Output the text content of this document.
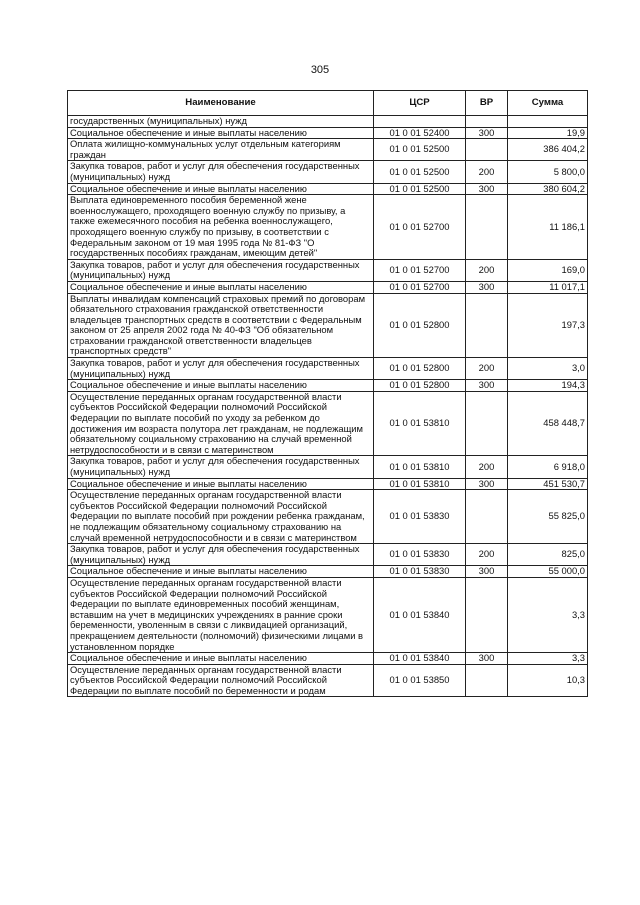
305
Наименование	ЦСР	ВР	Сумма
государственных (муниципальных) нужд			
Социальное обеспечение и иные выплаты населению	01 0 01 52400	300	19,9
Оплата жилищно-коммунальных услуг отдельным категориям граждан	01 0 01 52500		386 404,2
Закупка товаров, работ и услуг для обеспечения государственных (муниципальных) нужд	01 0 01 52500	200	5 800,0
Социальное обеспечение и иные выплаты населению	01 0 01 52500	300	380 604,2
Выплата единовременного пособия беременной жене военнослужащего, проходящего военную службу по призыву, а также ежемесячного пособия на ребенка военнослужащего, проходящего военную службу по призыву, в соответствии с Федеральным законом от 19 мая 1995 года № 81-ФЗ "О государственных пособиях гражданам, имеющим детей"	01 0 01 52700		11 186,1
Закупка товаров, работ и услуг для обеспечения государственных (муниципальных) нужд	01 0 01 52700	200	169,0
Социальное обеспечение и иные выплаты населению	01 0 01 52700	300	11 017,1
Выплаты инвалидам компенсаций страховых премий по договорам обязательного страхования гражданской ответственности владельцев транспортных средств в соответствии с Федеральным законом от 25 апреля 2002 года № 40-ФЗ "Об обязательном страховании гражданской ответственности владельцев транспортных средств"	01 0 01 52800		197,3
Закупка товаров, работ и услуг для обеспечения государственных (муниципальных) нужд	01 0 01 52800	200	3,0
Социальное обеспечение и иные выплаты населению	01 0 01 52800	300	194,3
Осуществление переданных органам государственной власти субъектов Российской Федерации полномочий Российской Федерации по выплате пособий по уходу за ребенком до достижения им возраста полутора лет гражданам, не подлежащим обязательному социальному страхованию на случай временной нетрудоспособности и в связи с материнством	01 0 01 53810		458 448,7
Закупка товаров, работ и услуг для обеспечения государственных (муниципальных) нужд	01 0 01 53810	200	6 918,0
Социальное обеспечение и иные выплаты населению	01 0 01 53810	300	451 530,7
Осуществление переданных органам государственной власти субъектов Российской Федерации полномочий Российской Федерации по выплате пособий при рождении ребенка гражданам, не подлежащим обязательному социальному страхованию на случай временной нетрудоспособности и в связи с материнством	01 0 01 53830		55 825,0
Закупка товаров, работ и услуг для обеспечения государственных (муниципальных) нужд	01 0 01 53830	200	825,0
Социальное обеспечение и иные выплаты населению	01 0 01 53830	300	55 000,0
Осуществление переданных органам государственной власти субъектов Российской Федерации полномочий Российской Федерации по выплате единовременных пособий женщинам, вставшим на учет в медицинских учреждениях в ранние сроки беременности, уволенным в связи с ликвидацией организаций, прекращением деятельности (полномочий) физическими лицами в установленном порядке	01 0 01 53840		3,3
Социальное обеспечение и иные выплаты населению	01 0 01 53840	300	3,3
Осуществление переданных органам государственной власти субъектов Российской Федерации полномочий Российской Федерации по выплате пособий по беременности и родам	01 0 01 53850		10,3
